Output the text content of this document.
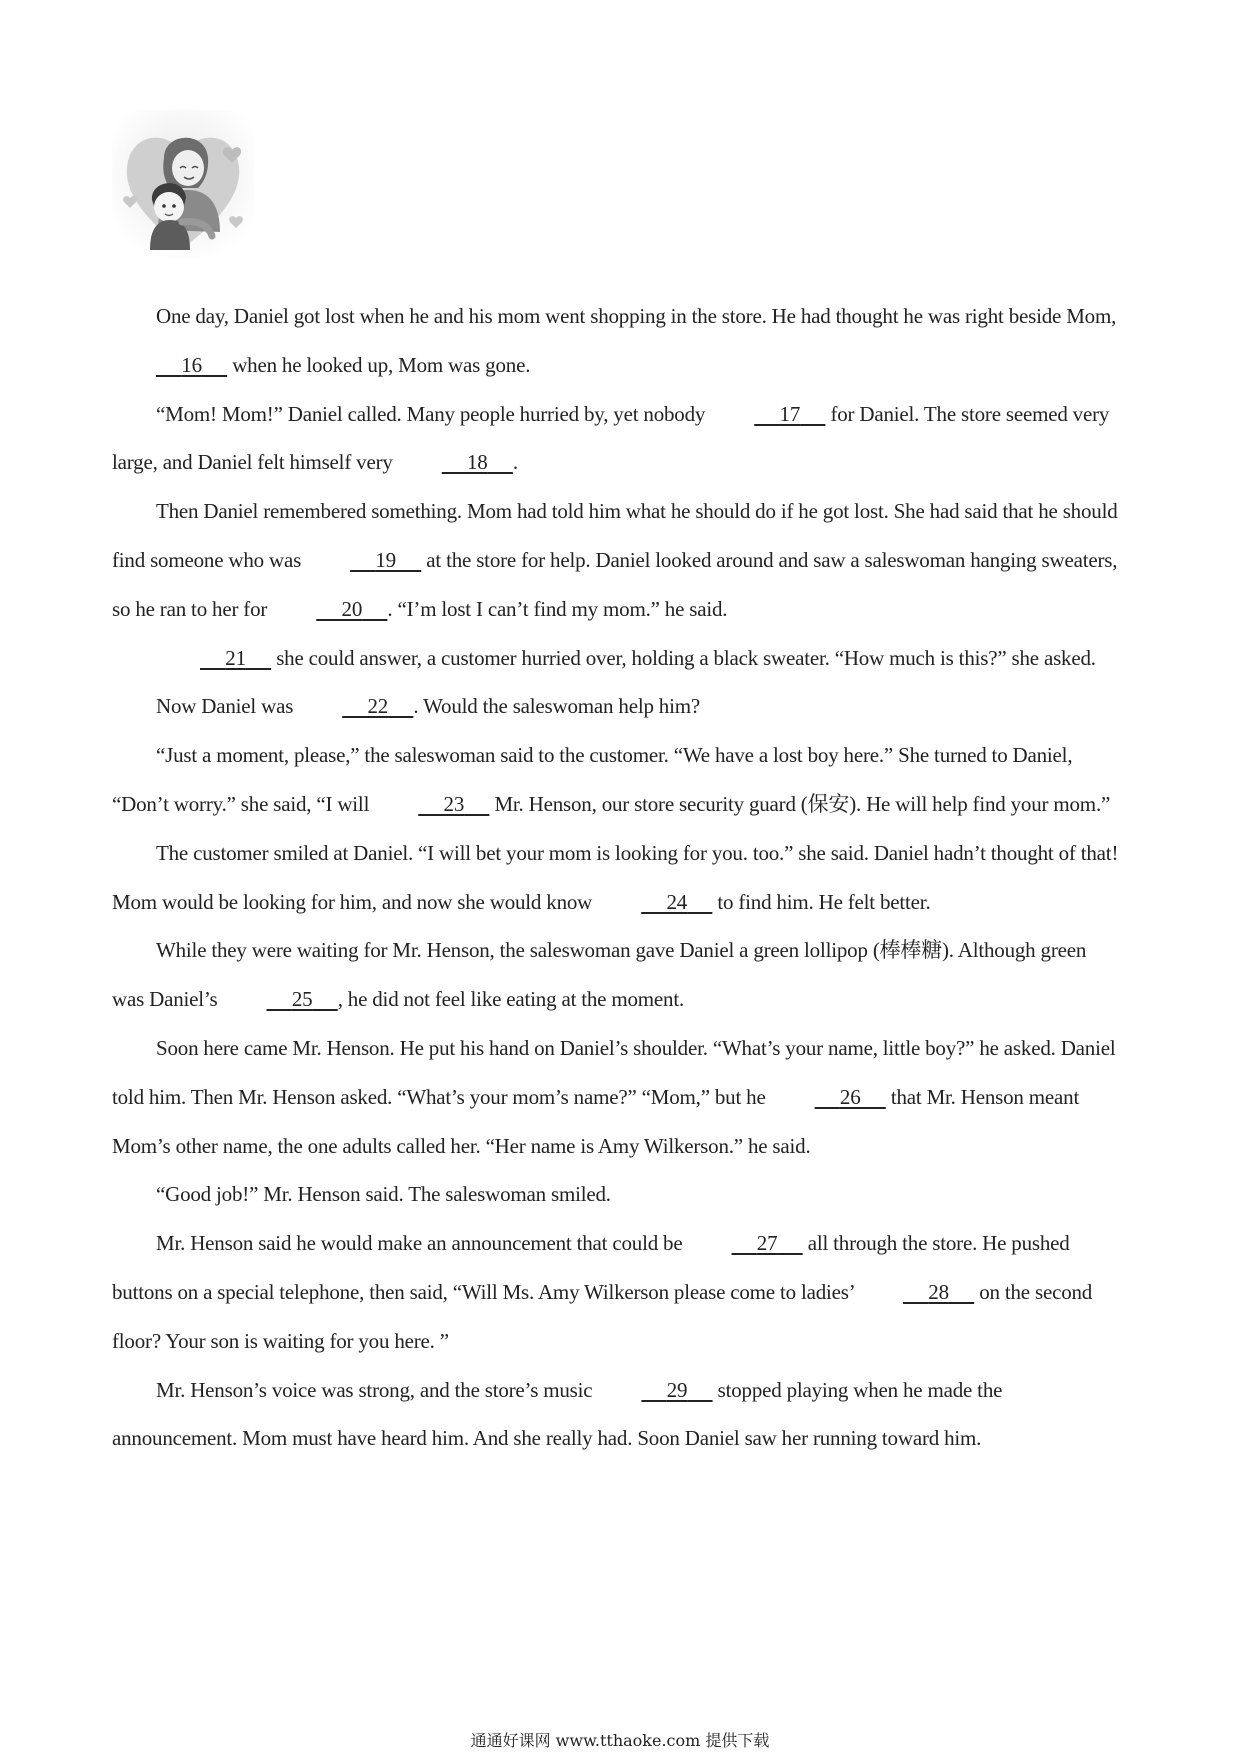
One day, Daniel got lost when he and his mom went shopping in the store. He had thought he was right beside Mom,      16      when he looked up, Mom was gone.

“Mom! Mom!” Daniel called. Many people hurried by, yet nobody	17      for Daniel. The store seemed very large, and Daniel felt himself very	18 .

Then Daniel remembered something. Mom had told him what he should do if he got lost. She had said that he should find someone who was	19      at the store for help. Daniel looked around and saw a saleswoman hanging sweaters, so he ran to her for	20 . “I’m lost I can’t find my mom.” he said.

21      she could answer, a customer hurried over, holding a black sweater. “How much is this?” she asked.

Now Daniel was	22 . Would the saleswoman help him?

“Just a moment, please,” the saleswoman said to the customer. “We have a lost boy here.” She turned to Daniel, “Don’t worry.” she said, “I will	23      Mr. Henson, our store security guard (保安). He will help find your mom.”

The customer smiled at Daniel. “I will bet your mom is looking for you. too.” she said. Daniel hadn’t thought of that! Mom would be looking for him, and now she would know	24      to find him. He felt better.

While they were waiting for Mr. Henson, the saleswoman gave Daniel a green lollipop (棒棒糖). Although green was Daniel’s	25 , he did not feel like eating at the moment.

Soon here came Mr. Henson. He put his hand on Daniel’s shoulder. “What’s your name, little boy?” he asked. Daniel told him. Then Mr. Henson asked. “What’s your mom’s name?” “Mom,” but he	26      that Mr. Henson meant Mom’s other name, the one adults called her. “Her name is Amy Wilkerson.” he said.

“Good job!” Mr. Henson said. The saleswoman smiled.

Mr. Henson said he would make an announcement that could be	27      all through the store. He pushed buttons on a special telephone, then said, “Will Ms. Amy Wilkerson please come to ladies’	28      on the second floor? Your son is waiting for you here. ”

Mr. Henson’s voice was strong, and the store’s music	29      stopped playing when he made the announcement. Mom must have heard him. And she really had. Soon Daniel saw her running toward him.

通通好课网 www.tthaoke.com 提供下载
